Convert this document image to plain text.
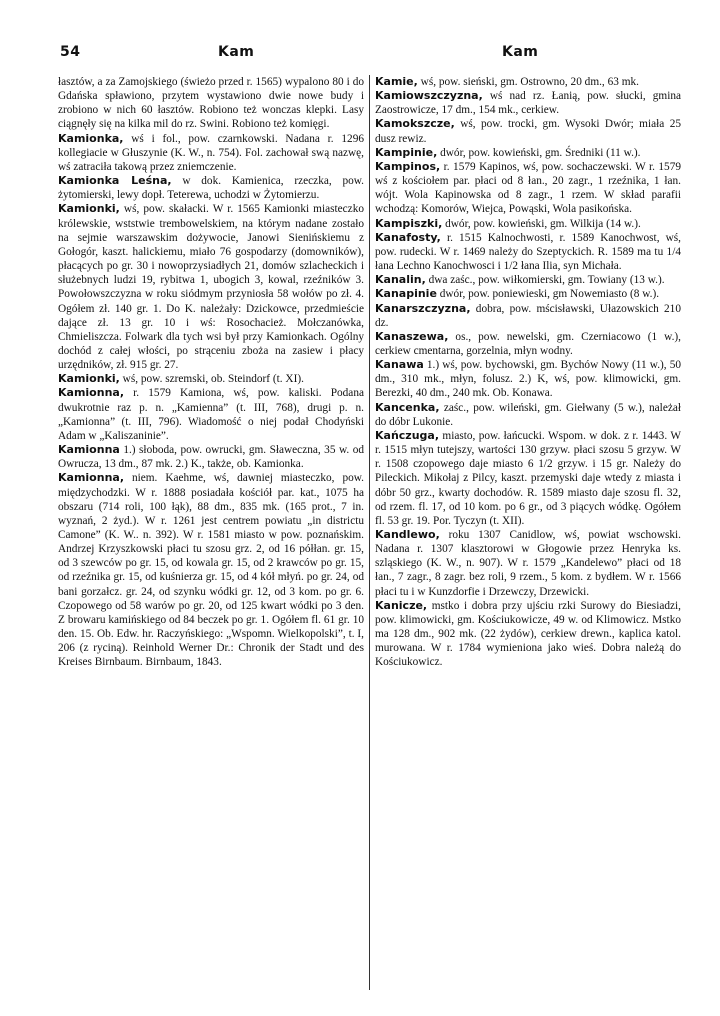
54	Kam	Kam

łasztów, a za Zamojskiego (świeżo przed r. 1565) wypalono 80 i do Gdańska spławiono, przytem wystawiono dwie nowe budy i zrobiono w nich 60 łasztów. Robiono też wonczas klepki. Lasy ciągnęły się na kilka mil do rz. Swini. Robiono też komięgi.

Kamionka, wś i fol., pow. czarnkowski. Nadana r. 1296 kollegiacie w Głuszynie (K. W., n. 754). Fol. zachował swą nazwę, wś zatraciła takową przez zniemczenie.

Kamionka Leśna, w dok. Kamienica, rzeczka, pow. żytomierski, lewy dopł. Teterewa, uchodzi w Żytomierzu.

Kamionki, wś, pow. skałacki. W r. 1565 Kamionki miasteczko królewskie, wststwie trembowelskiem, na którym nadane zostało na sejmie warszawskim dożywocie, Janowi Sienińskiemu z Gołogór, kaszt. halickiemu, miało 76 gospodarzy (domowników), płacących po gr. 30 i nowoprzysiadłych 21, domów szlacheckich i służebnych ludzi 19, rybitwa 1, ubogich 3, kowal, rzeźników 3. Powołowszczyzna w roku siódmym przyniosła 58 wołów po zł. 4. Ogółem zł. 140 gr. 1. Do K. należały: Dzickowce, przedmieście dające zł. 13 gr. 10 i wś: Rosochacież. Mołczanówka, Chmieliszcza. Folwark dla tych wsi był przy Kamionkach. Ogólny dochód z całej włości, po strąceniu zboża na zasiew i płacy urzędników, zł. 915 gr. 27.

Kamionki, wś, pow. szremski, ob. Steindorf (t. XI).

Kamionna, r. 1579 Kamiona, wś, pow. kaliski. Podana dwukrotnie raz p. n. „Kamienna” (t. III, 768), drugi p. n. „Kamionna” (t. III, 796). Wiadomość o niej podał Chodyński Adam w „Kaliszaninie”.

Kamionna 1.) słoboda, pow. owrucki, gm. Sławeczna, 35 w. od Owrucza, 13 dm., 87 mk. 2.) K., także, ob. Kamionka.

Kamionna, niem. Kaehme, wś, dawniej miasteczko, pow. międzychodzki. W r. 1888 posiadała kościół par. kat., 1075 ha obszaru (714 roli, 100 łąk), 88 dm., 835 mk. (165 prot., 7 in. wyznań, 2 żyd.). W r. 1261 jest centrem powiatu „in districtu Camone” (K. W.. n. 392). W r. 1581 miasto w pow. poznańskim. Andrzej Krzyszkowski płaci tu szosu grz. 2, od 16 półłan. gr. 15, od 3 szewców po gr. 15, od kowala gr. 15, od 2 krawców po gr. 15, od rzeźnika gr. 15, od kuśnierza gr. 15, od 4 kół młyń. po gr. 24, od bani gorzałcz. gr. 24, od szynku wódki gr. 12, od 3 kom. po gr. 6. Czopowego od 58 warów po gr. 20, od 125 kwart wódki po 3 den. Z browaru kamińskiego od 84 beczek po gr. 1. Ogółem fl. 61 gr. 10 den. 15. Ob. Edw. hr. Raczyńskiego: „Wspomn. Wielkopolski”, t. I, 206 (z ryciną). Reinhold Werner Dr.: Chronik der Stadt und des Kreises Birnbaum. Birnbaum, 1843.

Kamie, wś, pow. sieński, gm. Ostrowno, 20 dm., 63 mk.

Kamiowszczyzna, wś nad rz. Łanią, pow. słucki, gmina Zaostrowicze, 17 dm., 154 mk., cerkiew.

Kamokszcze, wś, pow. trocki, gm. Wysoki Dwór; miała 25 dusz rewiz.

Kampinie, dwór, pow. kowieński, gm. Średniki (11 w.).

Kampinos, r. 1579 Kapinos, wś, pow. sochaczewski. W r. 1579 wś z kościołem par. płaci od 8 łan., 20 zagr., 1 rzeźnika, 1 łan. wójt. Wola Kapinowska od 8 zagr., 1 rzem. W skład parafii wchodzą: Komorów, Wiejca, Powąski, Wola pasikońska.

Kampiszki, dwór, pow. kowieński, gm. Wilkija (14 w.).

Kanafosty, r. 1515 Kalnochwosti, r. 1589 Kanochwost, wś, pow. rudecki. W r. 1469 należy do Szeptyckich. R. 1589 ma tu 1/4 łana Lechno Kanochwosci i 1/2 łana Ilia, syn Michała.

Kanalin, dwa zaśc., pow. wiłkomierski, gm. Towiany (13 w.).

Kanapinie dwór, pow. poniewieski, gm Nowemiasto (8 w.).

Kanarszczyzna, dobra, pow. mścisławski, Ułazowskich 210 dz.

Kanaszewa, os., pow. newelski, gm. Czerniacowo (1 w.), cerkiew cmentarna, gorzelnia, młyn wodny.

Kanawa 1.) wś, pow. bychowski, gm. Bychów Nowy (11 w.), 50 dm., 310 mk., młyn, folusz. 2.) K, wś, pow. klimowicki, gm. Berezki, 40 dm., 240 mk. Ob. Konawa.

Kancenka, zaśc., pow. wileński, gm. Giełwany (5 w.), należał do dóbr Lukonie.

Kańczuga, miasto, pow. łańcucki. Wspom. w dok. z r. 1443. W r. 1515 młyn tutejszy, wartości 130 grzyw. płaci szosu 5 grzyw. W r. 1508 czopowego daje miasto 6 1/2 grzyw. i 15 gr. Należy do Pileckich. Mikołaj z Pilcy, kaszt. przemyski daje wtedy z miasta i dóbr 50 grz., kwarty dochodów. R. 1589 miasto daje szosu fl. 32, od rzem. fl. 17, od 10 kom. po 6 gr., od 3 piących wódkę. Ogółem fl. 53 gr. 19. Por. Tyczyn (t. XII).

Kandlewo, roku 1307 Canidlow, wś, powiat wschowski. Nadana r. 1307 klasztorowi w Głogowie przez Henryka ks. szląskiego (K. W., n. 907). W r. 1579 „Kandelewo” płaci od 18 łan., 7 zagr., 8 zagr. bez roli, 9 rzem., 5 kom. z bydłem. W r. 1566 płaci tu i w Kunzdorfie i Drzewczy, Drzewicki.

Kanicze, mstko i dobra przy ujściu rzki Surowy do Biesiadzi, pow. klimowicki, gm. Kościukowicze, 49 w. od Klimowicz. Mstko ma 128 dm., 902 mk. (22 żydów), cerkiew drewn., kaplica katol. murowana. W r. 1784 wymieniona jako wieś. Dobra należą do Kościukowicz.
